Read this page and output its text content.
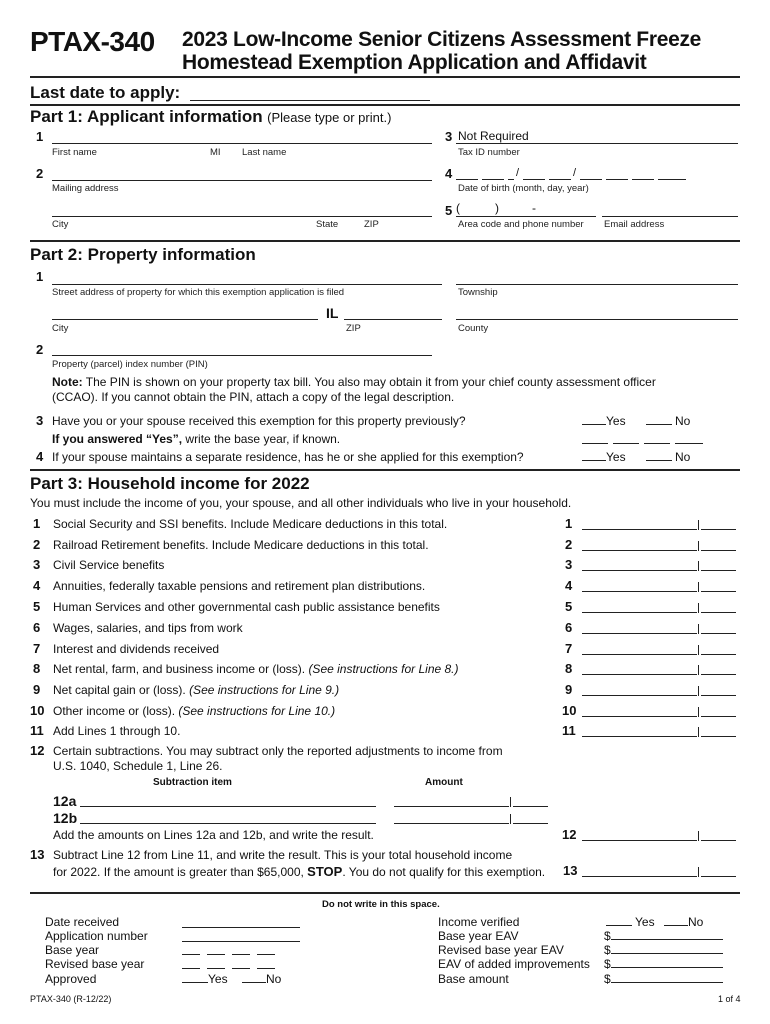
PTAX-340 2023 Low-Income Senior Citizens Assessment Freeze
Homestead Exemption Application and Affidavit
Last date to apply:
Part 1: Applicant information (Please type or print.)
1
First name	MI Last name
3 Not Required
Tax ID number
2
Mailing address
4	/	/
Date of birth (month, day, year)
City	State	ZIP
5 (	)	-
Area code and phone number Email address
Part 2: Property information
1
Street address of property for which this exemption application is filed	Township
IL
City	ZIP	County
2
Property (parcel) index number (PIN)
Note: The PIN is shown on your property tax bill. You also may obtain it from your chief county assessment officer
(CCAO). If you cannot obtain the PIN, attach a copy of the legal description.
3 Have you or your spouse received this exemption for this property previously?	Yes	No
If you answered “Yes”, write the base year, if known.
4 If your spouse maintains a separate residence, has he or she applied for this exemption?	Yes	No
Part 3: Household income for 2022
You must include the income of you, your spouse, and all other individuals who live in your household.
1 Social Security and SSI benefits. Include Medicare deductions in this total.	1
2 Railroad Retirement benefits. Include Medicare deductions in this total.	2
3 Civil Service benefits	3
4 Annuities, federally taxable pensions and retirement plan distributions.	4
5 Human Services and other governmental cash public assistance benefits	5
6 Wages, salaries, and tips from work	6
7 Interest and dividends received	7
8 Net rental, farm, and business income or (loss). (See instructions for Line 8.)	8
9 Net capital gain or (loss). (See instructions for Line 9.)	9
10 Other income or (loss). (See instructions for Line 10.)	10
11 Add Lines 1 through 10.	11
12 Certain subtractions. You may subtract only the reported adjustments to income from
U.S. 1040, Schedule 1, Line 26.
Subtraction item	Amount
12a
12b
Add the amounts on Lines 12a and 12b, and write the result.	12
13 Subtract Line 12 from Line 11, and write the result. This is your total household income
for 2022. If the amount is greater than $65,000, STOP. You do not qualify for this exemption. 13
Do not write in this space.
Date received
Application number
Base year
Revised base year
Approved	Yes	No
Income verified
Base year EAV
Revised base year EAV
EAV of added improvements
Base amount
Yes	No
$
$
$
$
PTAX-340 (R-12/22)	1 of 4
